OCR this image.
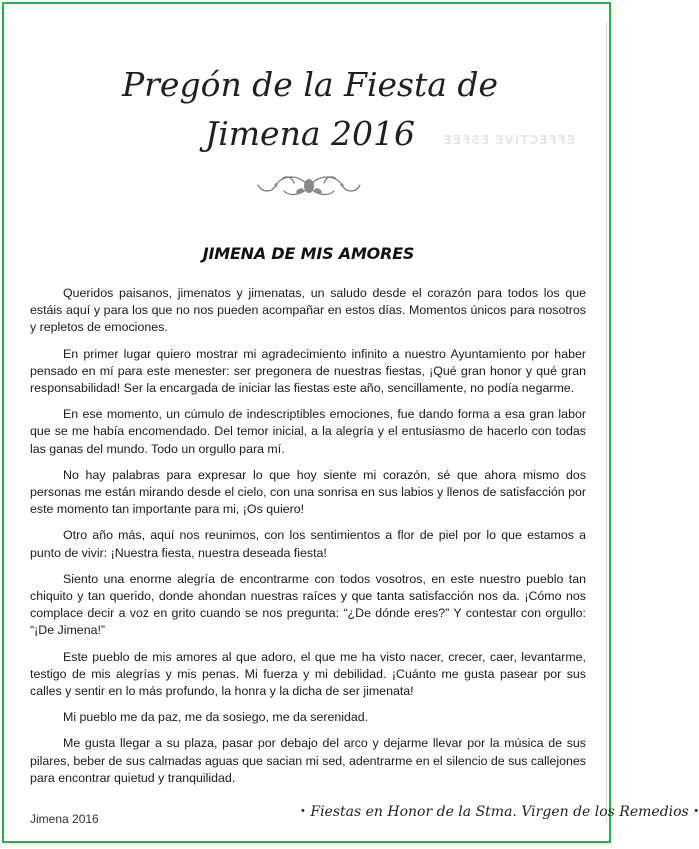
EFFECTIVE ESFEE
Pregón de la Fiesta de Jimena 2016
JIMENA DE MIS AMORES

Queridos paisanos, jimenatos y jimenatas, un saludo desde el corazón para todos los que estáis aquí y para los que no nos pueden acompañar en estos días. Momentos únicos para nosotros y repletos de emociones.

En primer lugar quiero mostrar mi agradecimiento infinito a nuestro Ayuntamiento por haber pensado en mí para este menester: ser pregonera de nuestras fiestas, ¡Qué gran honor y qué gran responsabilidad! Ser la encargada de iniciar las fiestas este año, sencillamente, no podía negarme.

En ese momento, un cúmulo de indescriptibles emociones, fue dando forma a esa gran labor que se me había encomendado. Del temor inicial, a la alegría y el entusiasmo de hacerlo con todas las ganas del mundo. Todo un orgullo para mí.

No hay palabras para expresar lo que hoy siente mi corazón, sé que ahora mismo dos personas me están mirando desde el cielo, con una sonrisa en sus labios y llenos de satisfacción por este momento tan importante para mi, ¡Os quiero!

Otro año más, aquí nos reunimos, con los sentimientos a flor de piel por lo que estamos a punto de vivir: ¡Nuestra fiesta, nuestra deseada fiesta!

Siento una enorme alegría de encontrarme con todos vosotros, en este nuestro pueblo tan chiquito y tan querido, donde ahondan nuestras raíces y que tanta satisfacción nos da. ¡Cómo nos complace decir a voz en grito cuando se nos pregunta: “¿De dónde eres?” Y contestar con orgullo: “¡De Jimena!”

Este pueblo de mis amores al que adoro, el que me ha visto nacer, crecer, caer, levantarme, testigo de mis alegrías y mis penas. Mi fuerza y mi debilidad. ¡Cuánto me gusta pasear por sus calles y sentir en lo más profundo, la honra y la dicha de ser jimenata!

Mi pueblo me da paz, me da sosiego, me da serenidad.

Me gusta llegar a su plaza, pasar por debajo del arco y dejarme llevar por la música de sus pilares, beber de sus calmadas aguas que sacian mi sed, adentrarme en el silencio de sus callejones para encontrar quietud y tranquilidad.

Jimena 2016	• Fiestas en Honor de la Stma. Virgen de los Remedios •
